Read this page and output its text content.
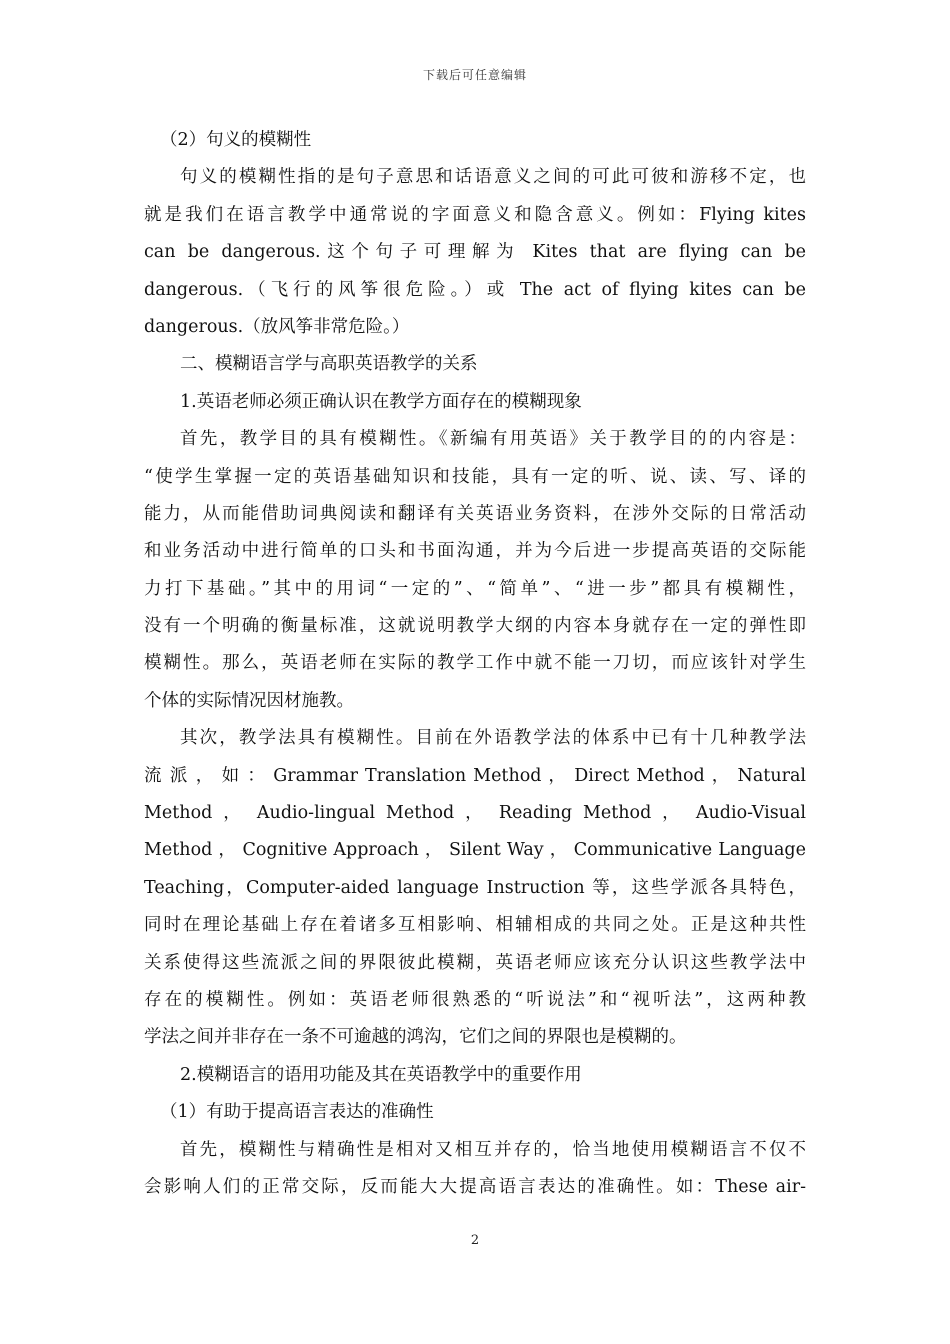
下载后可任意编辑
（2）句义的模糊性
句义的模糊性指的是句子意思和话语意义之间的可此可彼和游移不定，也
就是我们在语言教学中通常说的字面意义和隐含意义。例如：Flying kites
can be dangerous.这个句子可理解为 Kites that are flying can be
dangerous.（飞行的风筝很危险。）或 The act of flying kites can be
dangerous.（放风筝非常危险。）
二、模糊语言学与高职英语教学的关系
1.英语老师必须正确认识在教学方面存在的模糊现象
首先，教学目的具有模糊性。《新编有用英语》关于教学目的的内容是：
“使学生掌握一定的英语基础知识和技能，具有一定的听、说、读、写、译的
能力，从而能借助词典阅读和翻译有关英语业务资料，在涉外交际的日常活动
和业务活动中进行简单的口头和书面沟通，并为今后进一步提高英语的交际能
力打下基础。”其中的用词“一定的”、“简单”、“进一步”都具有模糊性，
没有一个明确的衡量标准，这就说明教学大纲的内容本身就存在一定的弹性即
模糊性。那么，英语老师在实际的教学工作中就不能一刀切，而应该针对学生
个体的实际情况因材施教。
其次，教学法具有模糊性。目前在外语教学法的体系中已有十几种教学法
流 派 ， 如 ： Grammar Translation Method ， Direct Method ， Natural
Method ， Audio-lingual Method ， Reading Method ， Audio-Visual
Method ， Cognitive Approach ， Silent Way ， Communicative Language
Teaching，Computer-aided language Instruction 等，这些学派各具特色，
同时在理论基础上存在着诸多互相影响、相辅相成的共同之处。正是这种共性
关系使得这些流派之间的界限彼此模糊，英语老师应该充分认识这些教学法中
存在的模糊性。例如：英语老师很熟悉的“听说法”和“视听法”，这两种教
学法之间并非存在一条不可逾越的鸿沟，它们之间的界限也是模糊的。
2.模糊语言的语用功能及其在英语教学中的重要作用
（1）有助于提高语言表达的准确性
首先，模糊性与精确性是相对又相互并存的，恰当地使用模糊语言不仅不
会影响人们的正常交际，反而能大大提高语言表达的准确性。如：These air-
2
